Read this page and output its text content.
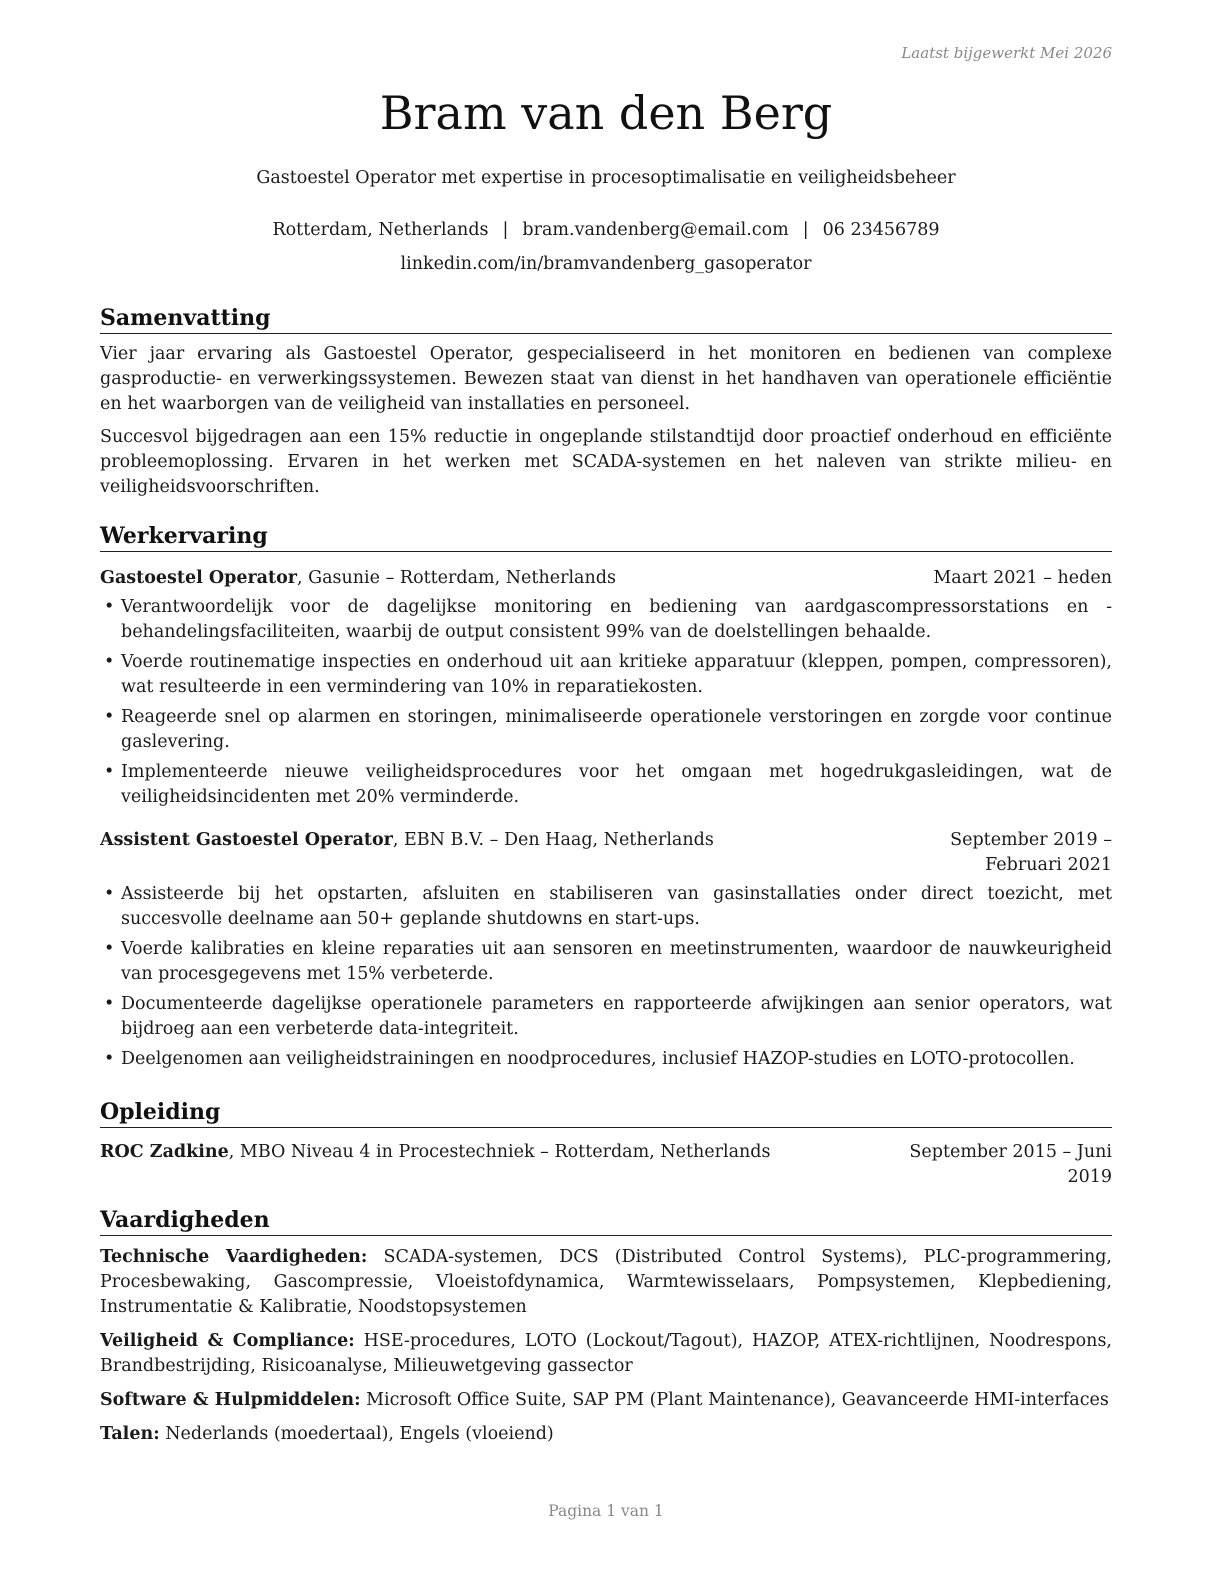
Laatst bijgewerkt Mei 2026
Bram van den Berg
Gastoestel Operator met expertise in procesoptimalisatie en veiligheidsbeheer
Rotterdam, Netherlands | bram.vandenberg@email.com | 06 23456789
linkedin.com/in/bramvandenberg_gasoperator
Samenvatting

Vier jaar ervaring als Gastoestel Operator, gespecialiseerd in het monitoren en bedienen van complexe gasproductie- en verwerkingssystemen. Bewezen staat van dienst in het handhaven van operationele efficiëntie en het waarborgen van de veiligheid van installaties en personeel.

Succesvol bijgedragen aan een 15% reductie in ongeplande stilstandtijd door proactief onderhoud en efficiënte probleemoplossing. Ervaren in het werken met SCADA-systemen en het naleven van strikte milieu- en veiligheidsvoorschriften.

Werkervaring
Gastoestel Operator, Gasunie – Rotterdam, Netherlands	Maart 2021 – heden
• Verantwoordelijk voor de dagelijkse monitoring en bediening van aardgascompressorstations en -behandelingsfaciliteiten, waarbij de output consistent 99% van de doelstellingen behaalde.
• Voerde routinematige inspecties en onderhoud uit aan kritieke apparatuur (kleppen, pompen, compressoren), wat resulteerde in een vermindering van 10% in reparatiekosten.
• Reageerde snel op alarmen en storingen, minimaliseerde operationele verstoringen en zorgde voor continue gaslevering.
• Implementeerde nieuwe veiligheidsprocedures voor het omgaan met hogedrukgasleidingen, wat de veiligheidsincidenten met 20% verminderde.
Assistent Gastoestel Operator, EBN B.V. – Den Haag, Netherlands	September 2019 – Februari 2021
• Assisteerde bij het opstarten, afsluiten en stabiliseren van gasinstallaties onder direct toezicht, met succesvolle deelname aan 50+ geplande shutdowns en start-ups.
• Voerde kalibraties en kleine reparaties uit aan sensoren en meetinstrumenten, waardoor de nauwkeurigheid van procesgegevens met 15% verbeterde.
• Documenteerde dagelijkse operationele parameters en rapporteerde afwijkingen aan senior operators, wat bijdroeg aan een verbeterde data-integriteit.
• Deelgenomen aan veiligheidstrainingen en noodprocedures, inclusief HAZOP-studies en LOTO-protocollen.
Opleiding
ROC Zadkine, MBO Niveau 4 in Procestechniek – Rotterdam, Netherlands	September 2015 – Juni 2019
Vaardigheden
Technische Vaardigheden: SCADA-systemen, DCS (Distributed Control Systems), PLC-programmering, Procesbewaking, Gascompressie, Vloeistofdynamica, Warmtewisselaars, Pompsystemen, Klepbediening, Instrumentatie & Kalibratie, Noodstopsystemen
Veiligheid & Compliance: HSE-procedures, LOTO (Lockout/Tagout), HAZOP, ATEX-richtlijnen, Noodrespons, Brandbestrijding, Risicoanalyse, Milieuwetgeving gassector
Software & Hulpmiddelen: Microsoft Office Suite, SAP PM (Plant Maintenance), Geavanceerde HMI-interfaces
Talen: Nederlands (moedertaal), Engels (vloeiend)
Pagina 1 van 1
